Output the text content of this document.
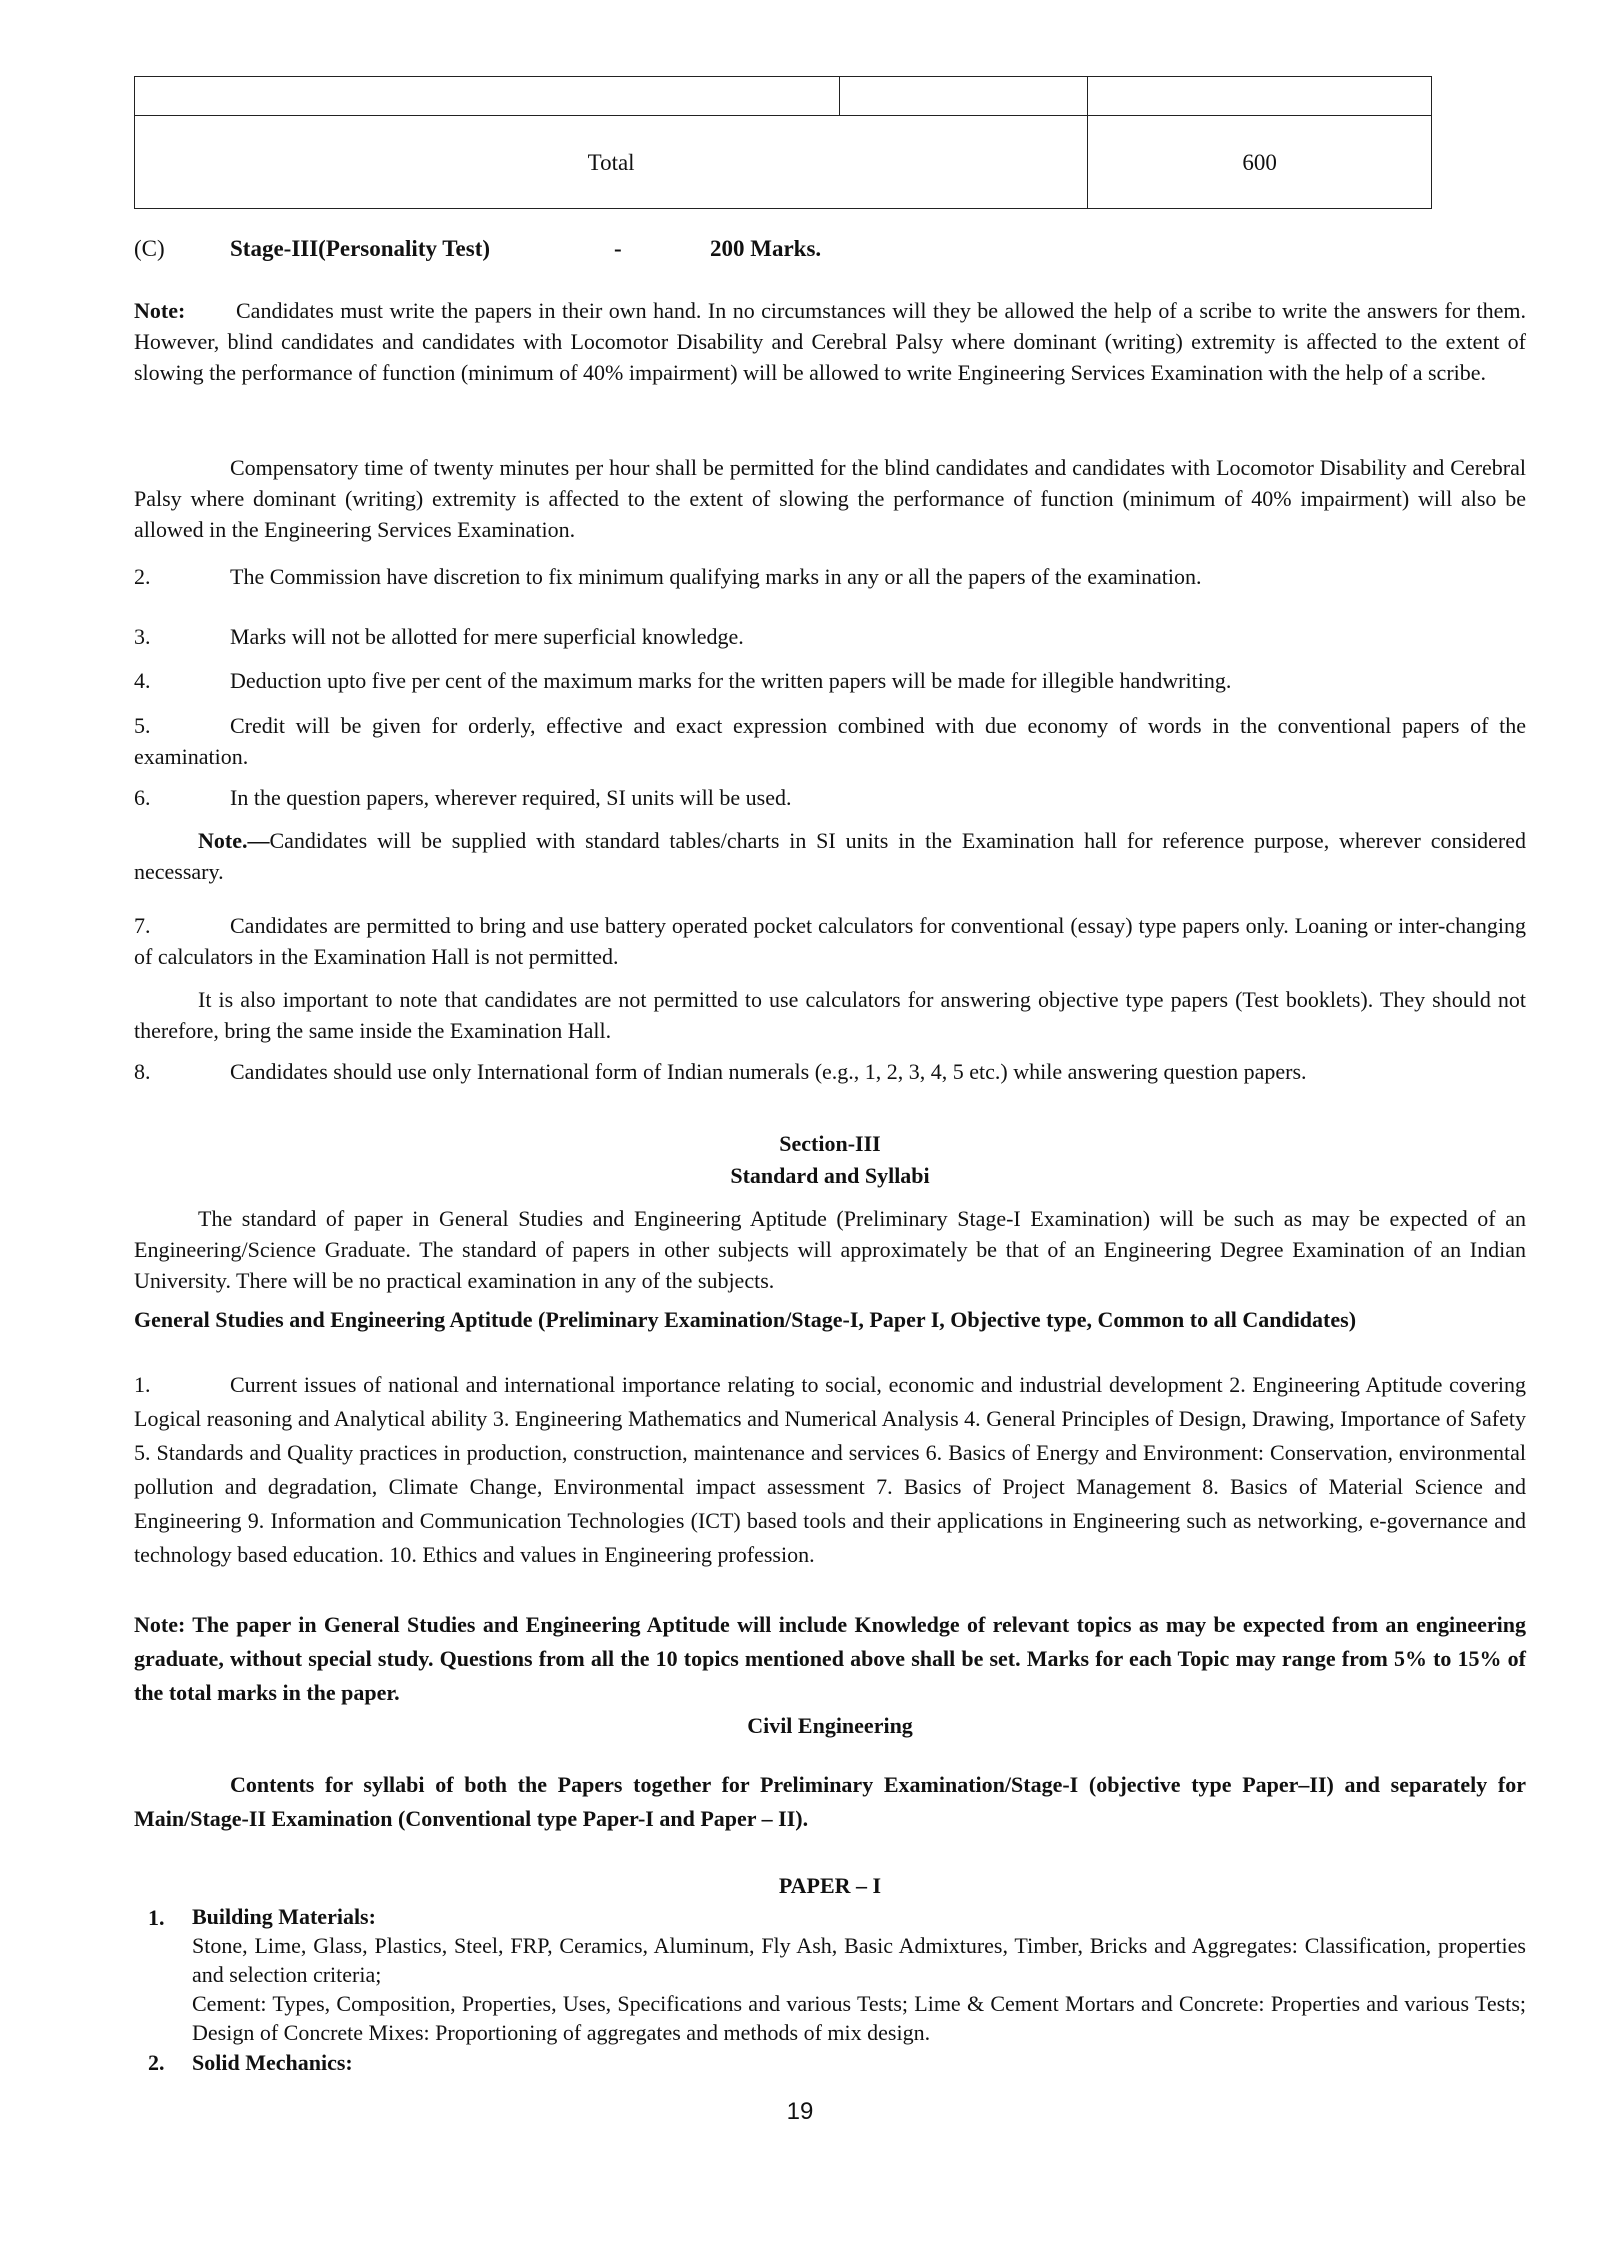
Total		600
(C)	Stage-III(Personality Test)	-	200 Marks.

Note: Candidates must write the papers in their own hand. In no circumstances will they be allowed the help of a scribe to write the answers for them. However, blind candidates and candidates with Locomotor Disability and Cerebral Palsy where dominant (writing) extremity is affected to the extent of slowing the performance of function (minimum of 40% impairment) will be allowed to write Engineering Services Examination with the help of a scribe.

Compensatory time of twenty minutes per hour shall be permitted for the blind candidates and candidates with Locomotor Disability and Cerebral Palsy where dominant (writing) extremity is affected to the extent of slowing the performance of function (minimum of 40% impairment) will also be allowed in the Engineering Services Examination.

2.	The Commission have discretion to fix minimum qualifying marks in any or all the papers of the examination.

3.	Marks will not be allotted for mere superficial knowledge.

4.	Deduction upto five per cent of the maximum marks for the written papers will be made for illegible handwriting.

5.	Credit will be given for orderly, effective and exact expression combined with due economy of words in the conventional papers of the examination.

6.	In the question papers, wherever required, SI units will be used.

Note.—Candidates will be supplied with standard tables/charts in SI units in the Examination hall for reference purpose, wherever considered necessary.

7.	Candidates are permitted to bring and use battery operated pocket calculators for conventional (essay) type papers only. Loaning or inter-changing of calculators in the Examination Hall is not permitted.

It is also important to note that candidates are not permitted to use calculators for answering objective type papers (Test booklets). They should not therefore, bring the same inside the Examination Hall.

8.	Candidates should use only International form of Indian numerals (e.g., 1, 2, 3, 4, 5 etc.) while answering question papers.

Section-III
Standard and Syllabi

The standard of paper in General Studies and Engineering Aptitude (Preliminary Stage-I Examination) will be such as may be expected of an Engineering/Science Graduate. The standard of papers in other subjects will approximately be that of an Engineering Degree Examination of an Indian University. There will be no practical examination in any of the subjects.

General Studies and Engineering Aptitude (Preliminary Examination/Stage-I, Paper I, Objective type, Common to all Candidates)

1.	Current issues of national and international importance relating to social, economic and industrial development 2. Engineering Aptitude covering Logical reasoning and Analytical ability 3. Engineering Mathematics and Numerical Analysis 4. General Principles of Design, Drawing, Importance of Safety 5. Standards and Quality practices in production, construction, maintenance and services 6. Basics of Energy and Environment: Conservation, environmental pollution and degradation, Climate Change, Environmental impact assessment 7. Basics of Project Management 8. Basics of Material Science and Engineering 9. Information and Communication Technologies (ICT) based tools and their applications in Engineering such as networking, e-governance and technology based education. 10. Ethics and values in Engineering profession.

Note: The paper in General Studies and Engineering Aptitude will include Knowledge of relevant topics as may be expected from an engineering graduate, without special study. Questions from all the 10 topics mentioned above shall be set. Marks for each Topic may range from 5% to 15% of the total marks in the paper.

Civil Engineering

Contents for syllabi of both the Papers together for Preliminary Examination/Stage-I (objective type Paper–II) and separately for Main/Stage-II Examination (Conventional type Paper-I and Paper – II).

PAPER – I
1. Building Materials:

Stone, Lime, Glass, Plastics, Steel, FRP, Ceramics, Aluminum, Fly Ash, Basic Admixtures, Timber, Bricks and Aggregates: Classification, properties and selection criteria;

Cement: Types, Composition, Properties, Uses, Specifications and various Tests; Lime & Cement Mortars and Concrete: Properties and various Tests; Design of Concrete Mixes: Proportioning of aggregates and methods of mix design.

2. Solid Mechanics:
19
